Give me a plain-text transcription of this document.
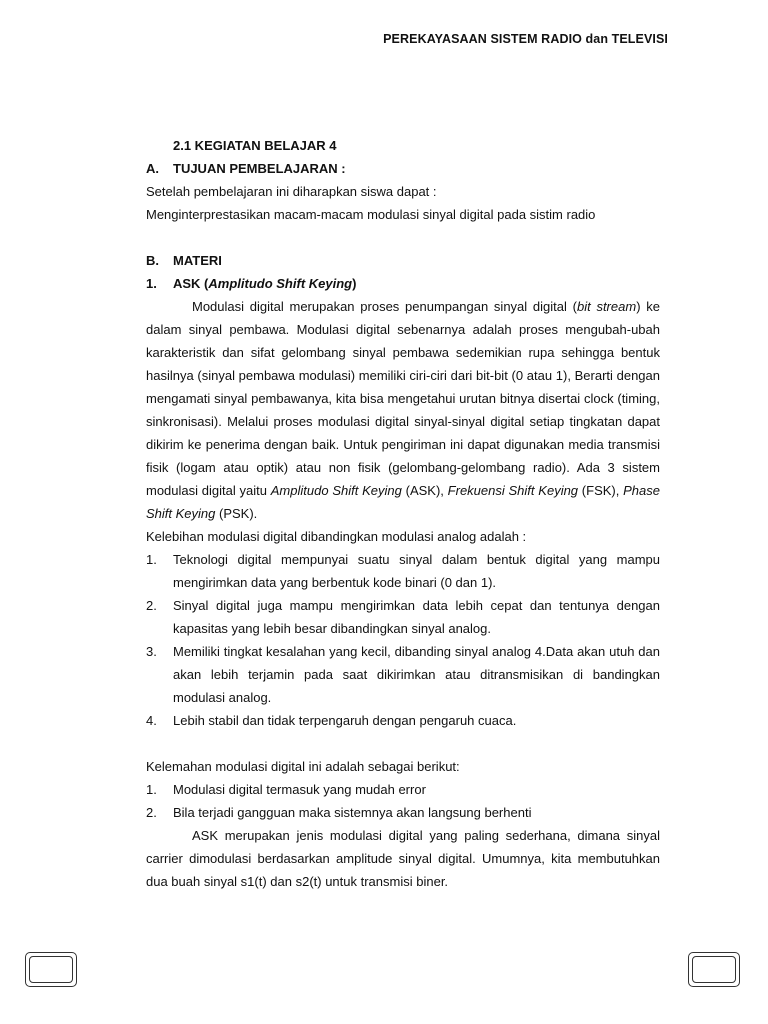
PEREKAYASAAN SISTEM RADIO dan TELEVISI
2.1 KEGIATAN BELAJAR 4
A.	TUJUAN PEMBELAJARAN :
Setelah pembelajaran ini diharapkan siswa dapat :
Menginterprestasikan macam-macam modulasi sinyal digital pada sistim radio
B.	MATERI
1.	ASK (Amplitudo Shift Keying)

Modulasi digital merupakan proses penumpangan sinyal digital (bit stream) ke dalam sinyal pembawa. Modulasi digital sebenarnya adalah proses mengubah-ubah karakteristik dan sifat gelombang sinyal pembawa sedemikian rupa sehingga bentuk hasilnya (sinyal pembawa modulasi) memiliki ciri-ciri dari bit-bit (0 atau 1), Berarti dengan mengamati sinyal pembawanya, kita bisa mengetahui urutan bitnya disertai clock (timing, sinkronisasi). Melalui proses modulasi digital sinyal-sinyal digital setiap tingkatan dapat dikirim ke penerima dengan baik. Untuk pengiriman ini dapat digunakan media transmisi fisik (logam atau optik) atau non fisik (gelombang-gelombang radio). Ada 3 sistem modulasi digital yaitu Amplitudo Shift Keying (ASK), Frekuensi Shift Keying (FSK), Phase Shift Keying (PSK).

Kelebihan modulasi digital dibandingkan modulasi analog adalah :
1. Teknologi digital mempunyai suatu sinyal dalam bentuk digital yang mampu mengirimkan data yang berbentuk kode binari (0 dan 1).
2. Sinyal digital juga mampu mengirimkan data lebih cepat dan tentunya dengan kapasitas yang lebih besar dibandingkan sinyal analog.
3. Memiliki tingkat kesalahan yang kecil, dibanding sinyal analog 4.Data akan utuh dan akan lebih terjamin pada saat dikirimkan atau ditransmisikan di bandingkan modulasi analog.
4. Lebih stabil dan tidak terpengaruh dengan pengaruh cuaca.
Kelemahan modulasi digital ini adalah sebagai berikut:
1. Modulasi digital termasuk yang mudah error
2. Bila terjadi gangguan maka sistemnya akan langsung berhenti

ASK merupakan jenis modulasi digital yang paling sederhana, dimana sinyal carrier dimodulasi berdasarkan amplitude sinyal digital. Umumnya, kita membutuhkan dua buah sinyal s1(t) dan s2(t) untuk transmisi biner.
